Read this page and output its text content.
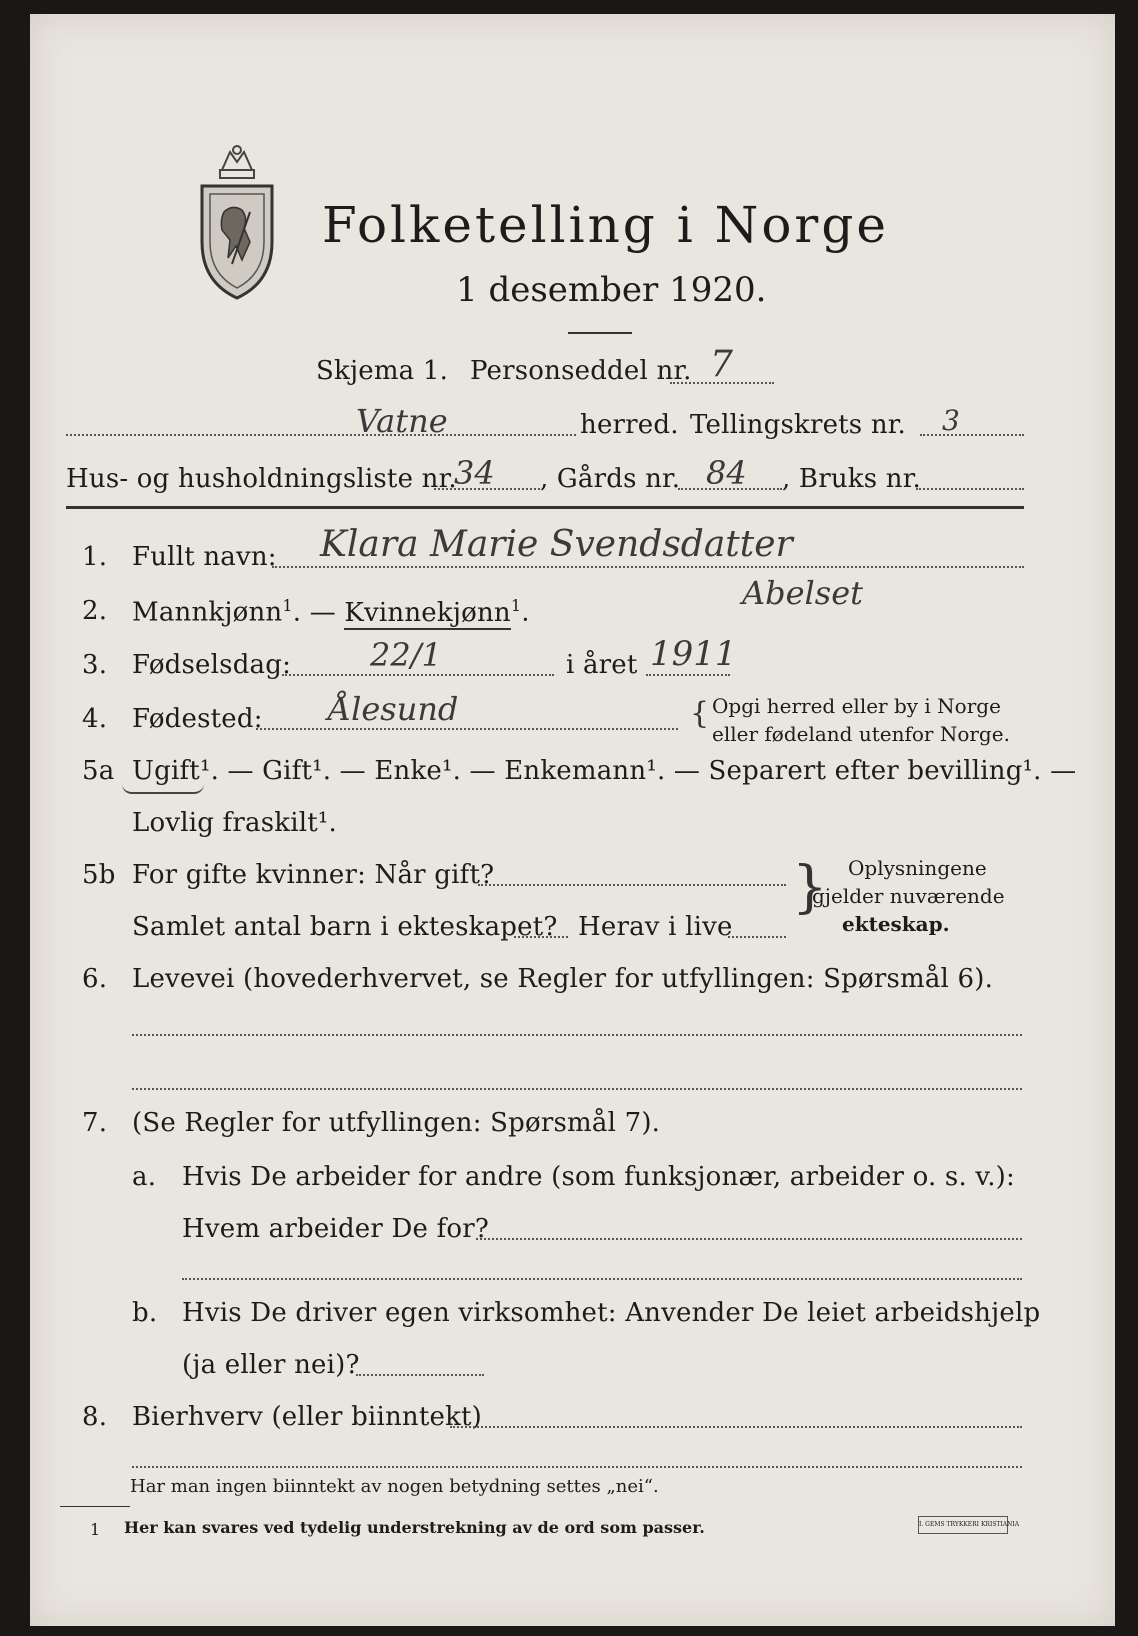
Folketelling i Norge
1 desember 1920.
Skjema 1. Personseddel nr. 7
Vatne	herred. Tellingskrets nr. 3
Hus- og husholdningsliste nr.
34 , Gårds nr. 84 , Bruks nr.
1. Fullt navn: Klara Marie Svendsdatter
Abelset
2. Mannkjønn$^1$. — Kvinnekjønn$^1$.
3. Fødselsdag: 22/1	i året 1911
4. Fødested: Ålesund	{ Opgi herred eller by i Norge
eller fødeland utenfor Norge.
5a Ugift¹. — Gift¹. — Enke¹. — Enkemann¹. — Separert efter bevilling¹. —
Lovlig fraskilt¹.
5b For gifte kvinner: Når gift?
Samlet antal barn i ekteskapet? Herav i live
} Oplysningene
gjelder nuværende
ekteskap.
6. Levevei (hovederhvervet, se Regler for utfyllingen: Spørsmål 6).
7. (Se Regler for utfyllingen: Spørsmål 7).
a. Hvis De arbeider for andre (som funksjonær, arbeider o. s. v.):
Hvem arbeider De for?
b. Hvis De driver egen virksomhet: Anvender De leiet arbeidshjelp
(ja eller nei)?
8. Bierhverv (eller biinntekt)
Har man ingen biinntekt av nogen betydning settes „nei“.
1 Her kan svares ved tydelig understrekning av de ord som passer.	I. GEMS TRYKKERI KRISTIANIA
